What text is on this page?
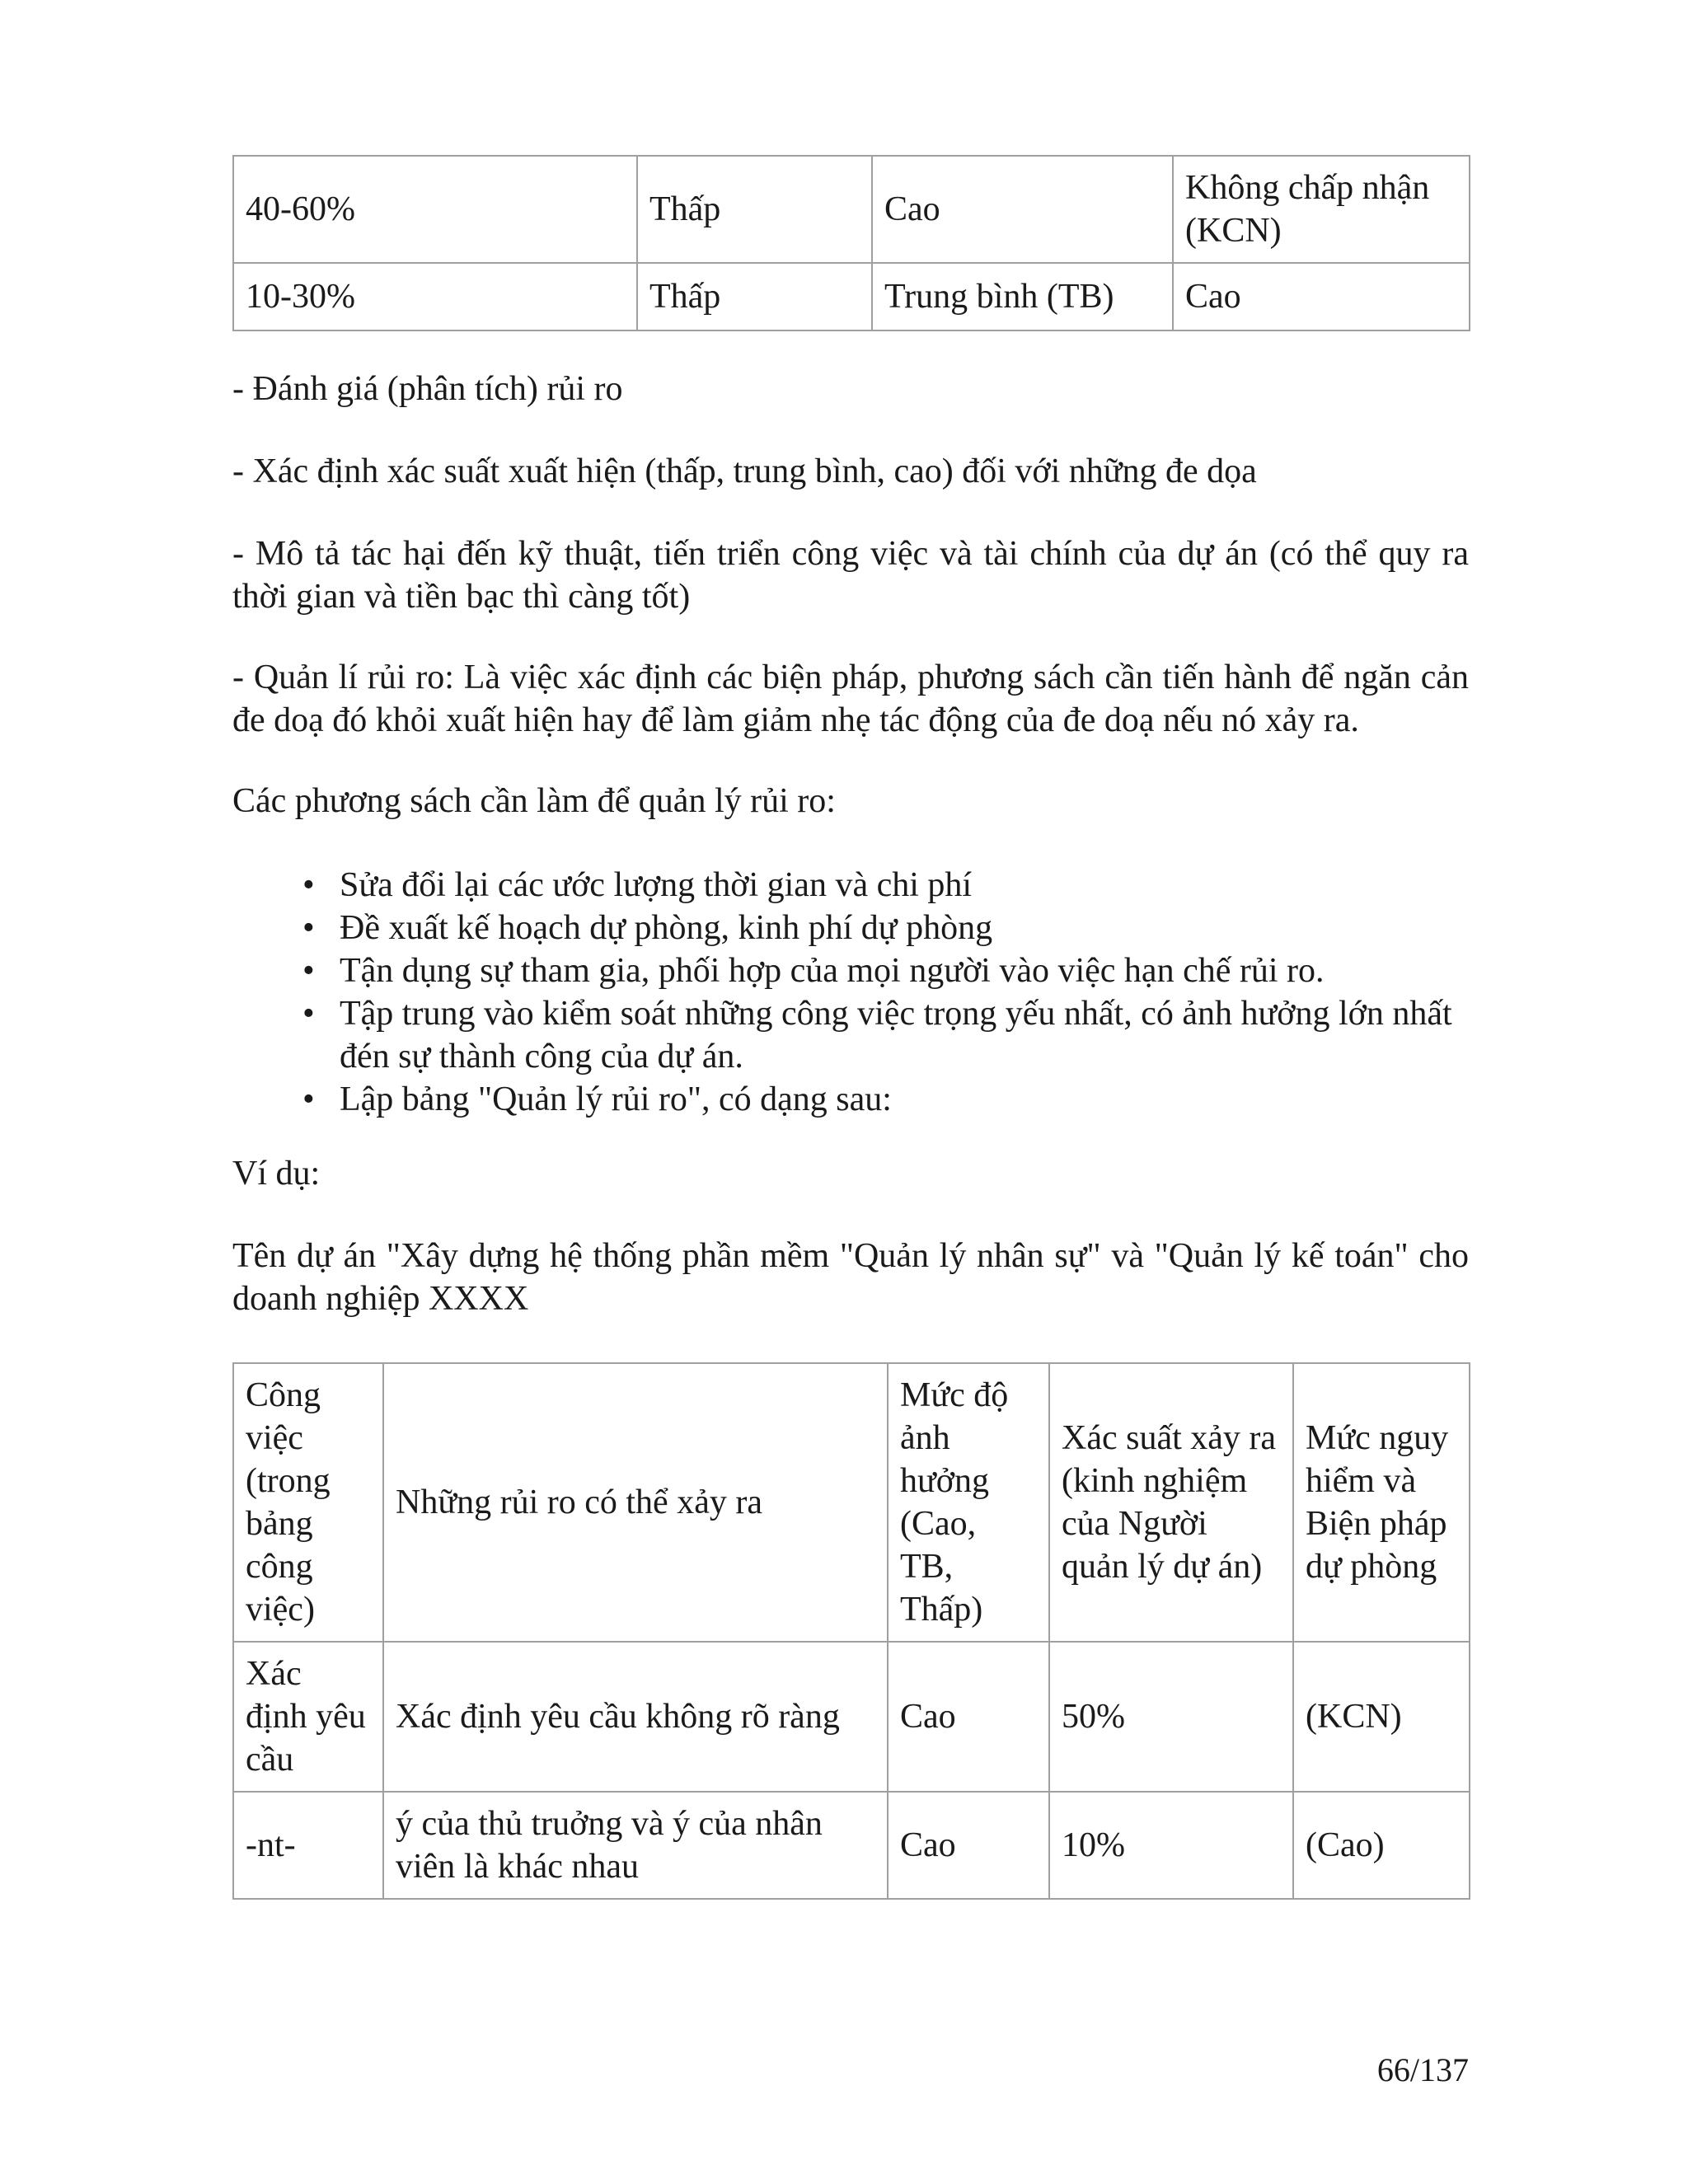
40-60%	Thấp	Cao	Không chấp nhận (KCN)
10-30%	Thấp	Trung bình (TB)	Cao

- Đánh giá (phân tích) rủi ro

- Xác định xác suất xuất hiện (thấp, trung bình, cao) đối với những đe dọa

- Mô tả tác hại đến kỹ thuật, tiến triển công việc và tài chính của dự án (có thể quy ra thời gian và tiền bạc thì càng tốt)

- Quản lí rủi ro: Là việc xác định các biện pháp, phương sách cần tiến hành để ngăn cản đe doạ đó khỏi xuất hiện hay để làm giảm nhẹ tác động của đe doạ nếu nó xảy ra.

Các phương sách cần làm để quản lý rủi ro:

• Sửa đổi lại các ước lượng thời gian và chi phí
• Đề xuất kế hoạch dự phòng, kinh phí dự phòng
• Tận dụng sự tham gia, phối hợp của mọi người vào việc hạn chế rủi ro.
• Tập trung vào kiểm soát những công việc trọng yếu nhất, có ảnh hưởng lớn nhất đén sự thành công của dự án.
• Lập bảng "Quản lý rủi ro", có dạng sau:

Ví dụ:

Tên dự án "Xây dựng hệ thống phần mềm "Quản lý nhân sự" và "Quản lý kế toán" cho doanh nghiệp XXXX

Công việc (trong bảng công việc)	Những rủi ro có thể xảy ra	Mức độ ảnh hưởng (Cao, TB, Thấp)	Xác suất xảy ra (kinh nghiệm của Người quản lý dự án)	Mức nguy hiểm và Biện pháp dự phòng
Xác định yêu cầu	Xác định yêu cầu không rõ ràng	Cao	50%	(KCN)
-nt-	ý của thủ truởng và ý của nhân viên là khác nhau	Cao	10%	(Cao)
66/137
